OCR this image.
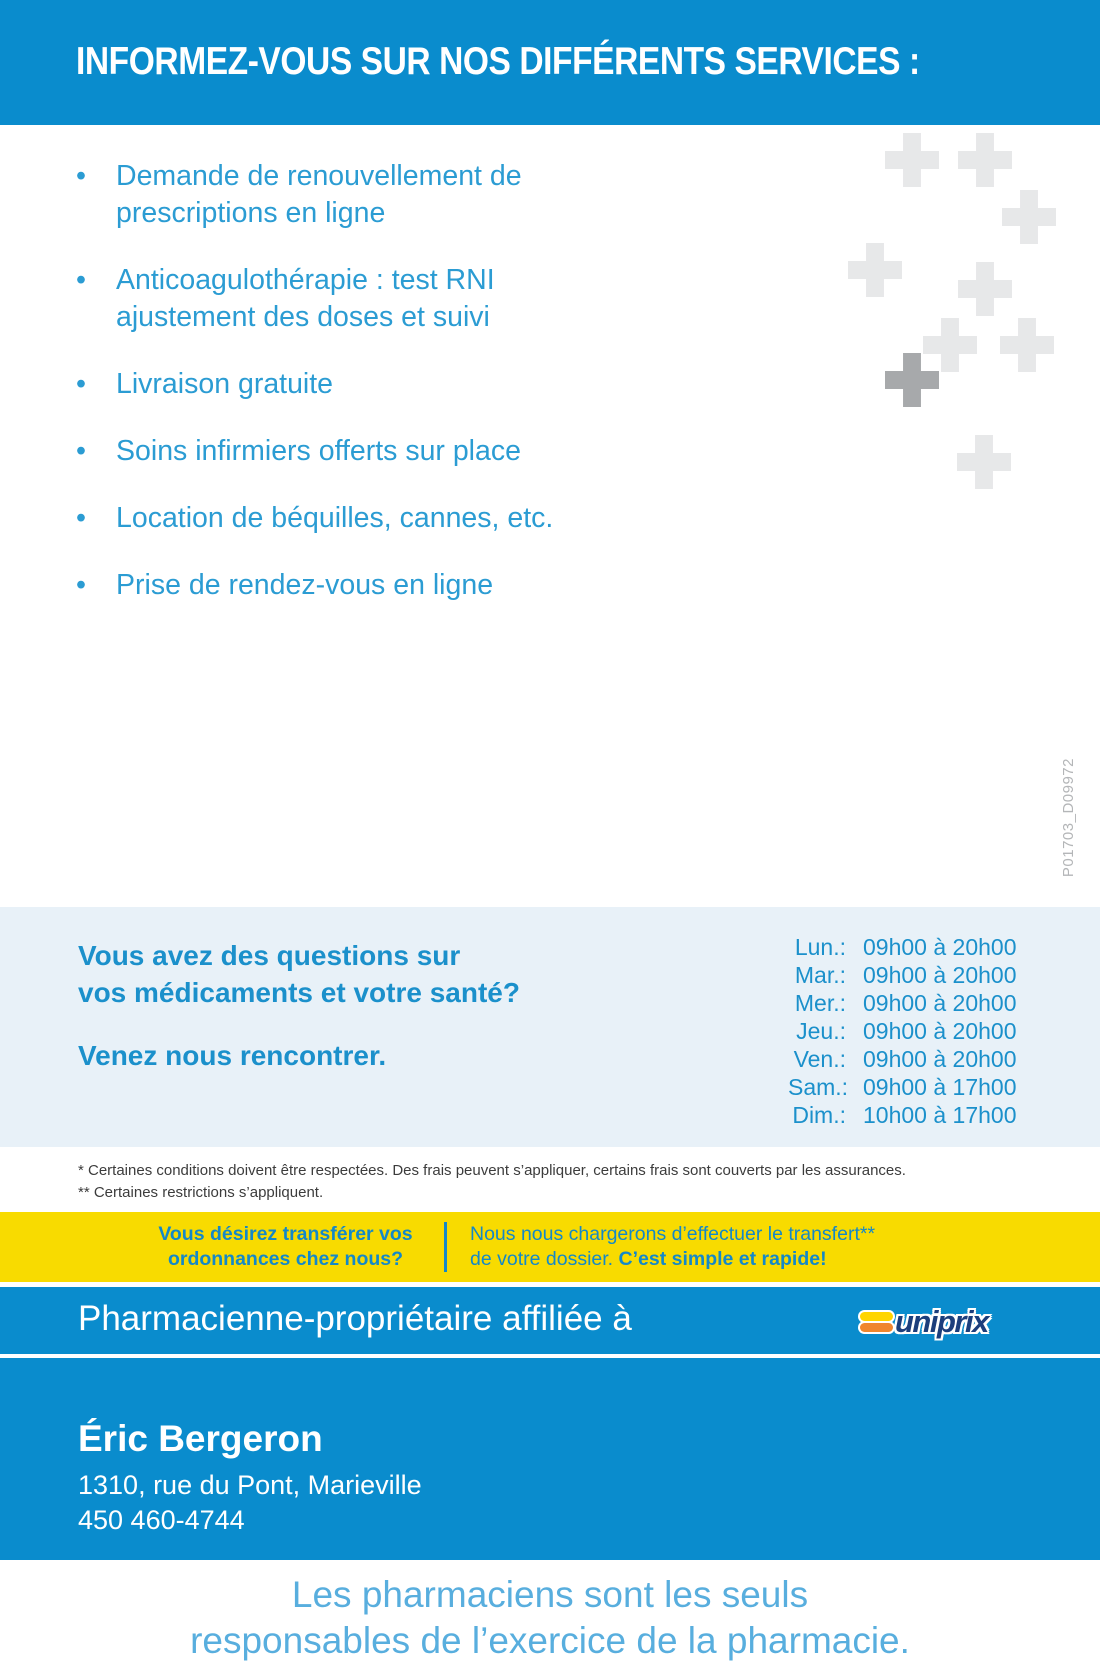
INFORMEZ-VOUS SUR NOS DIFFÉRENTS SERVICES :
•	Demande de renouvellement de
prescriptions en ligne
•	Anticoagulothérapie : test RNI
ajustement des doses et suivi
•	Livraison gratuite
•	Soins infirmiers offerts sur place
•	Location de béquilles, cannes, etc.
•	Prise de rendez-vous en ligne
P01703_D09972

Vous avez des questions sur
vos médicaments et votre santé?

Venez nous rencontrer.

Lun.: 09h00 à 20h00
Mar.: 09h00 à 20h00
Mer.: 09h00 à 20h00
Jeu.: 09h00 à 20h00
Ven.: 09h00 à 20h00
Sam.: 09h00 à 17h00
Dim.: 10h00 à 17h00

* Certaines conditions doivent être respectées. Des frais peuvent s’appliquer, certains frais sont couverts par les assurances.

** Certaines restrictions s’appliquent.

Vous désirez transférer vos
ordonnances chez nous?
Nous nous chargerons d’effectuer le transfert**
de votre dossier. C’est simple et rapide!

Pharmacienne-propriétaire affiliée à	uniprix

Éric Bergeron

1310, rue du Pont, Marieville

450 460-4744

Les pharmaciens sont les seuls
responsables de l’exercice de la pharmacie.
